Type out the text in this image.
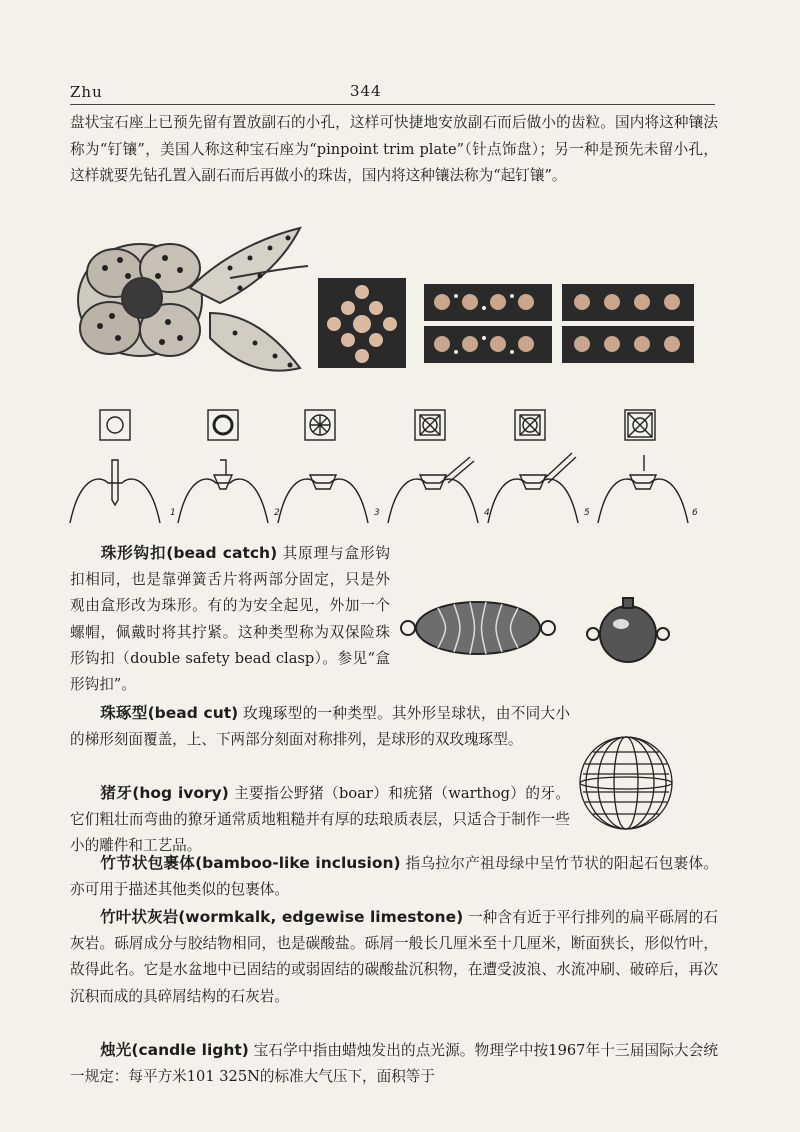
Zhu	344
盘状宝石座上已预先留有置放副石的小孔，这样可快捷地安放副石而后做小的齿粒。国内将这种镶法称为“钉镶”，美国人称这种宝石座为“pinpoint trim plate”（针点饰盘）；另一种是预先未留小孔，这样就要先钻孔置入副石而后再做小的珠齿，国内将这种镶法称为“起钉镶”。
1	2	3	4	5	6
珠形钩扣(bead catch) 其原理与盒形钩扣相同，也是靠弹簧舌片将两部分固定，只是外观由盒形改为珠形。有的为安全起见，外加一个螺帽，佩戴时将其拧紧。这种类型称为双保险珠形钩扣（double safety bead clasp）。参见“盒形钩扣”。
珠琢型(bead cut) 玫瑰琢型的一种类型。其外形呈球状，由不同大小的梯形刻面覆盖，上、下两部分刻面对称排列，是球形的双玫瑰琢型。
猪牙(hog ivory) 主要指公野猪（boar）和疣猪（warthog）的牙。它们粗壮而弯曲的獠牙通常质地粗糙并有厚的珐琅质表层，只适合于制作一些小的雕件和工艺品。
竹节状包裹体(bamboo-like inclusion) 指乌拉尔产祖母绿中呈竹节状的阳起石包裹体。亦可用于描述其他类似的包裹体。
竹叶状灰岩(wormkalk, edgewise limestone) 一种含有近于平行排列的扁平砾屑的石灰岩。砾屑成分与胶结物相同，也是碳酸盐。砾屑一般长几厘米至十几厘米，断面狭长，形似竹叶，故得此名。它是水盆地中已固结的或弱固结的碳酸盐沉积物，在遭受波浪、水流冲刷、破碎后，再次沉积而成的具碎屑结构的石灰岩。
烛光(candle light) 宝石学中指由蜡烛发出的点光源。物理学中按1967年十三届国际大会统一规定：每平方米101 325N的标准大气压下，面积等于
